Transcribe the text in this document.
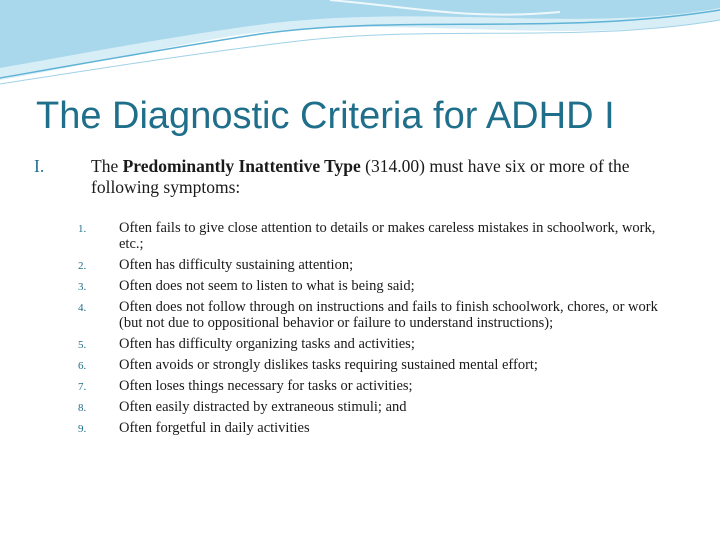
The Diagnostic Criteria for ADHD I
I.	The Predominantly Inattentive Type (314.00) must have six or more of the following symptoms:
1. Often fails to give close attention to details or makes careless mistakes in schoolwork, work, etc.;
2. Often has difficulty sustaining attention;
3. Often does not seem to listen to what is being said;
4. Often does not follow through on instructions and fails to finish schoolwork, chores, or work (but not due to oppositional behavior or failure to understand instructions);
5. Often has difficulty organizing tasks and activities;
6. Often avoids or strongly dislikes tasks requiring sustained mental effort;
7. Often loses things necessary for tasks or activities;
8. Often easily distracted by extraneous stimuli; and
9. Often forgetful in daily activities
